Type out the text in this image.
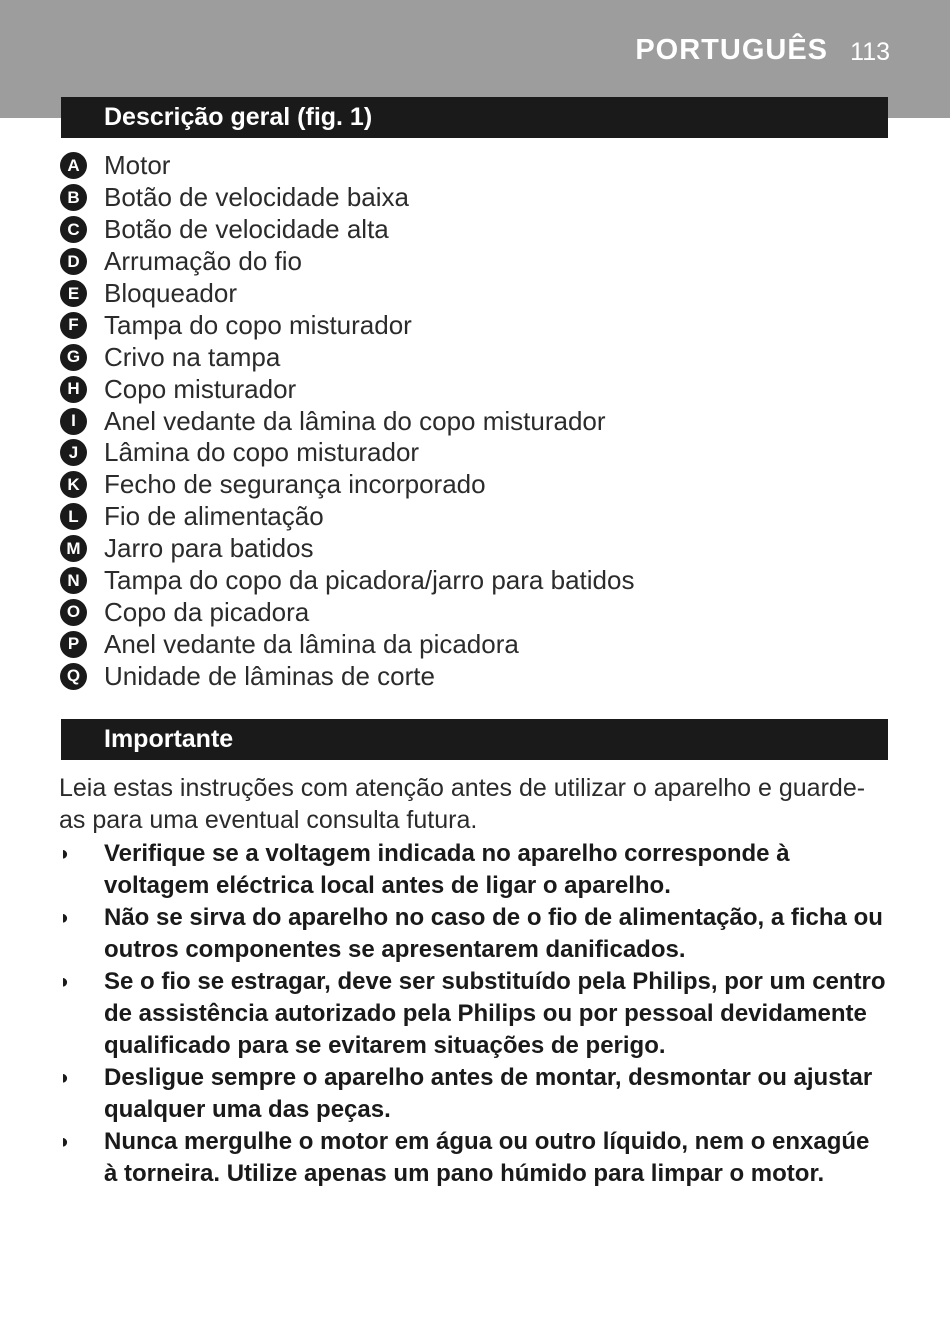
PORTUGUÊS 113
Descrição geral (fig. 1)
A Motor
B Botão de velocidade baixa
C Botão de velocidade alta
D Arrumação do fio
E Bloqueador
F Tampa do copo misturador
G Crivo na tampa
H Copo misturador
I	Anel vedante da lâmina do copo misturador
J Lâmina do copo misturador
K Fecho de segurança incorporado
L Fio de alimentação
M Jarro para batidos
N Tampa do copo da picadora/jarro para batidos
O Copo da picadora
P Anel vedante da lâmina da picadora
Q Unidade de lâminas de corte
Importante

Leia estas instruções com atenção antes de utilizar o aparelho e guarde-as para uma eventual consulta futura.

◗	Verifique se a voltagem indicada no aparelho corresponde à voltagem eléctrica local antes de ligar o aparelho.
◗	Não se sirva do aparelho no caso de o fio de alimentação, a ficha ou outros componentes se apresentarem danificados.
◗	Se o fio se estragar, deve ser substituído pela Philips, por um centro de assistência autorizado pela Philips ou por pessoal devidamente qualificado para se evitarem situações de perigo.
◗	Desligue sempre o aparelho antes de montar, desmontar ou ajustar qualquer uma das peças.
◗	Nunca mergulhe o motor em água ou outro líquido, nem o enxagúe à torneira. Utilize apenas um pano húmido para limpar o motor.
